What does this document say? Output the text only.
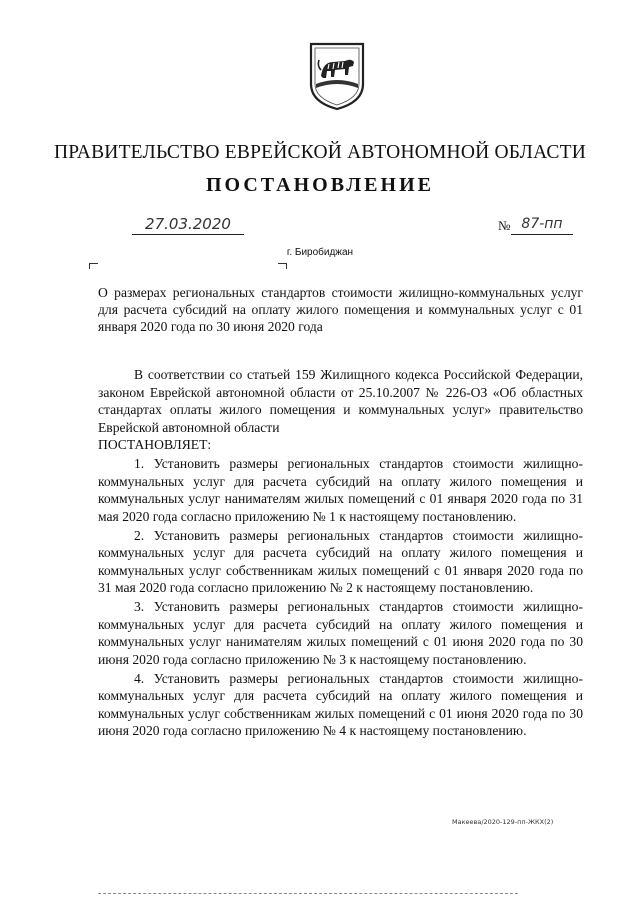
ПРАВИТЕЛЬСТВО ЕВРЕЙСКОЙ АВТОНОМНОЙ ОБЛАСТИ
ПОСТАНОВЛЕНИЕ
27.03.2020	№ 87-пп
г. Биробиджан
О размерах региональных стандартов стоимости жилищно-коммунальных услуг для расчета субсидий на оплату жилого помещения и коммунальных услуг с 01 января 2020 года по 30 июня 2020 года

В соответствии со статьей 159 Жилищного кодекса Российской Федерации, законом Еврейской автономной области от 25.10.2007 № 226-ОЗ «Об областных стандартах оплаты жилого помещения и коммунальных услуг» правительство Еврейской автономной области

ПОСТАНОВЛЯЕТ:

1. Установить размеры региональных стандартов стоимости жилищно-коммунальных услуг для расчета субсидий на оплату жилого помещения и коммунальных услуг нанимателям жилых помещений с 01 января 2020 года по 31 мая 2020 года согласно приложению № 1 к настоящему постановлению.

2. Установить размеры региональных стандартов стоимости жилищно-коммунальных услуг для расчета субсидий на оплату жилого помещения и коммунальных услуг собственникам жилых помещений с 01 января 2020 года по 31 мая 2020 года согласно приложению № 2 к настоящему постановлению.

3. Установить размеры региональных стандартов стоимости жилищно-коммунальных услуг для расчета субсидий на оплату жилого помещения и коммунальных услуг нанимателям жилых помещений с 01 июня 2020 года по 30 июня 2020 года согласно приложению № 3 к настоящему постановлению.

4. Установить размеры региональных стандартов стоимости жилищно-коммунальных услуг для расчета субсидий на оплату жилого помещения и коммунальных услуг собственникам жилых помещений с 01 июня 2020 года по 30 июня 2020 года согласно приложению № 4 к настоящему постановлению.

Макеева/2020-129-пп-ЖКХ(2)
